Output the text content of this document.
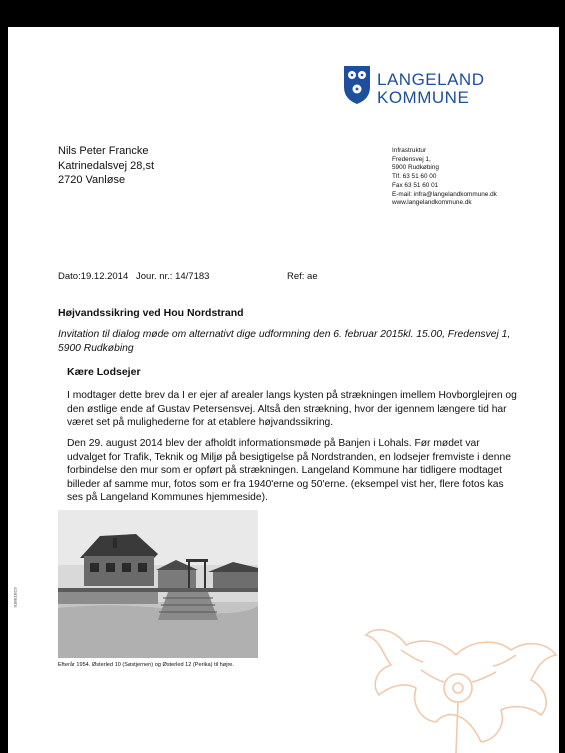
LANGELAND
KOMMUNE
Nils Peter Francke
Katrinedalsvej 28,st
2720 Vanløse
Infrastruktur
Fredensvej 1,
5900 Rudkøbing
Tlf. 63 51 60 00
Fax 63 51 60 01
E-mail: infra@langelandkommune.dk
www.langelandkommune.dk
Dato:19.12.2014 Jour. nr.: 14/7183	Ref: ae
Højvandssikring ved Hou Nordstrand
Invitation til dialog møde om alternativt dige udformning den 6. februar 2015kl. 15.00, Fredensvej 1, 5900 Rudkøbing
Kære Lodsejer
I modtager dette brev da I er ejer af arealer langs kysten på strækningen imellem Hovborglejren og den østlige ende af Gustav Petersensvej. Altså den strækning, hvor der igennem længere tid har været set på mulighederne for at etablere højvandssikring.
Den 29. august 2014 blev der afholdt informationsmøde på Banjen i Lohals. Før mødet var udvalget for Trafik, Teknik og Miljø på besigtigelse på Nordstranden, en lodsejer fremviste i denne forbindelse den mur som er opført på strækningen. Langeland Kommune har tidligere modtaget billeder af samme mur, fotos som er fra 1940'erne og 50'erne. (eksempel vist her, flere fotos kas ses på Langeland Kommunes hjemmeside).
Efterår 1954. Østerled 10 (Søstjernen) og Østerled 12 (Perika) til højre.
S1BE1EC3
